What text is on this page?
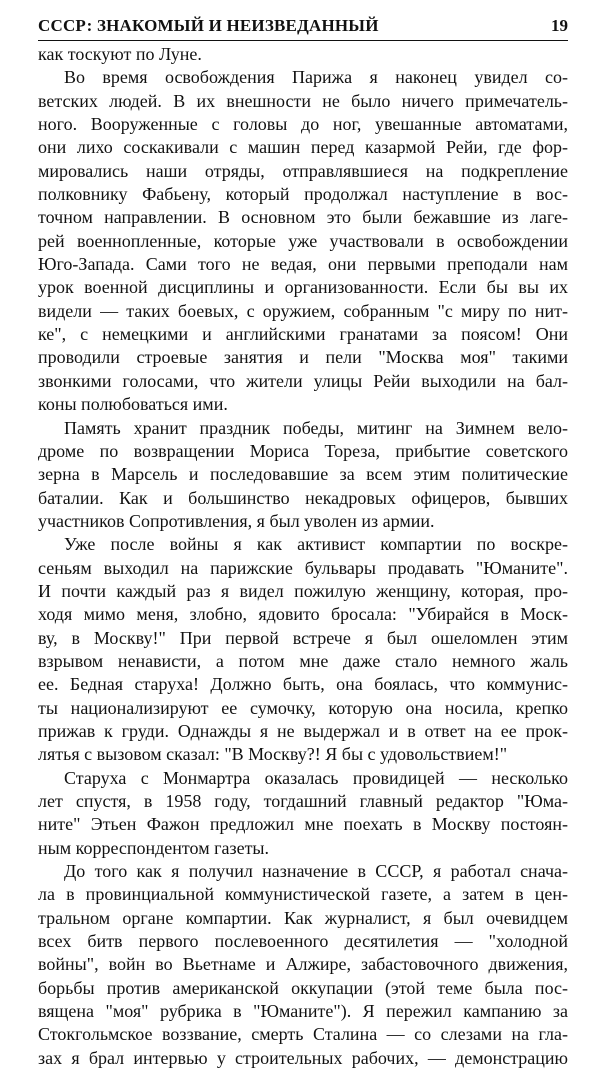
СССР: ЗНАКОМЫЙ И НЕИЗВЕДАННЫЙ	19
как тоскуют по Луне.
Во время освобождения Парижа я наконец увидел со-
ветских людей. В их внешности не было ничего примечатель-
ного. Вооруженные с головы до ног, увешанные автоматами,
они лихо соскакивали с машин перед казармой Рейи, где фор-
мировались наши отряды, отправлявшиеся на подкрепление
полковнику Фабьену, который продолжал наступление в вос-
точном направлении. В основном это были бежавшие из лаге-
рей военнопленные, которые уже участвовали в освобождении
Юго-Запада. Сами того не ведая, они первыми преподали нам
урок военной дисциплины и организованности. Если бы вы их
видели — таких боевых, с оружием, собранным "с миру по нит-
ке", с немецкими и английскими гранатами за поясом! Они
проводили строевые занятия и пели "Москва моя" такими
звонкими голосами, что жители улицы Рейи выходили на бал-
коны полюбоваться ими.
Память хранит праздник победы, митинг на Зимнем вело-
дроме по возвращении Мориса Тореза, прибытие советского
зерна в Марсель и последовавшие за всем этим политические
баталии. Как и большинство некадровых офицеров, бывших
участников Сопротивления, я был уволен из армии.
Уже после войны я как активист компартии по воскре-
сеньям выходил на парижские бульвары продавать "Юманите".
И почти каждый раз я видел пожилую женщину, которая, про-
ходя мимо меня, злобно, ядовито бросала: "Убирайся в Моск-
ву, в Москву!" При первой встрече я был ошеломлен этим
взрывом ненависти, а потом мне даже стало немного жаль
ее. Бедная старуха! Должно быть, она боялась, что коммунис-
ты национализируют ее сумочку, которую она носила, крепко
прижав к груди. Однажды я не выдержал и в ответ на ее прок-
лятья с вызовом сказал: "В Москву?! Я бы с удовольствием!"
Старуха с Монмартра оказалась провидицей — несколько
лет спустя, в 1958 году, тогдашний главный редактор "Юма-
ните" Этьен Фажон предложил мне поехать в Москву постоян-
ным корреспондентом газеты.
До того как я получил назначение в СССР, я работал снача-
ла в провинциальной коммунистической газете, а затем в цен-
тральном органе компартии. Как журналист, я был очевидцем
всех битв первого послевоенного десятилетия — "холодной
войны", войн во Вьетнаме и Алжире, забастовочного движения,
борьбы против американской оккупации (этой теме была пос-
вящена "моя" рубрика в "Юманите"). Я пережил кампанию за
Стокгольмское воззвание, смерть Сталина — со слезами на гла-
зах я брал интервью у строительных рабочих, — демонстрацию
